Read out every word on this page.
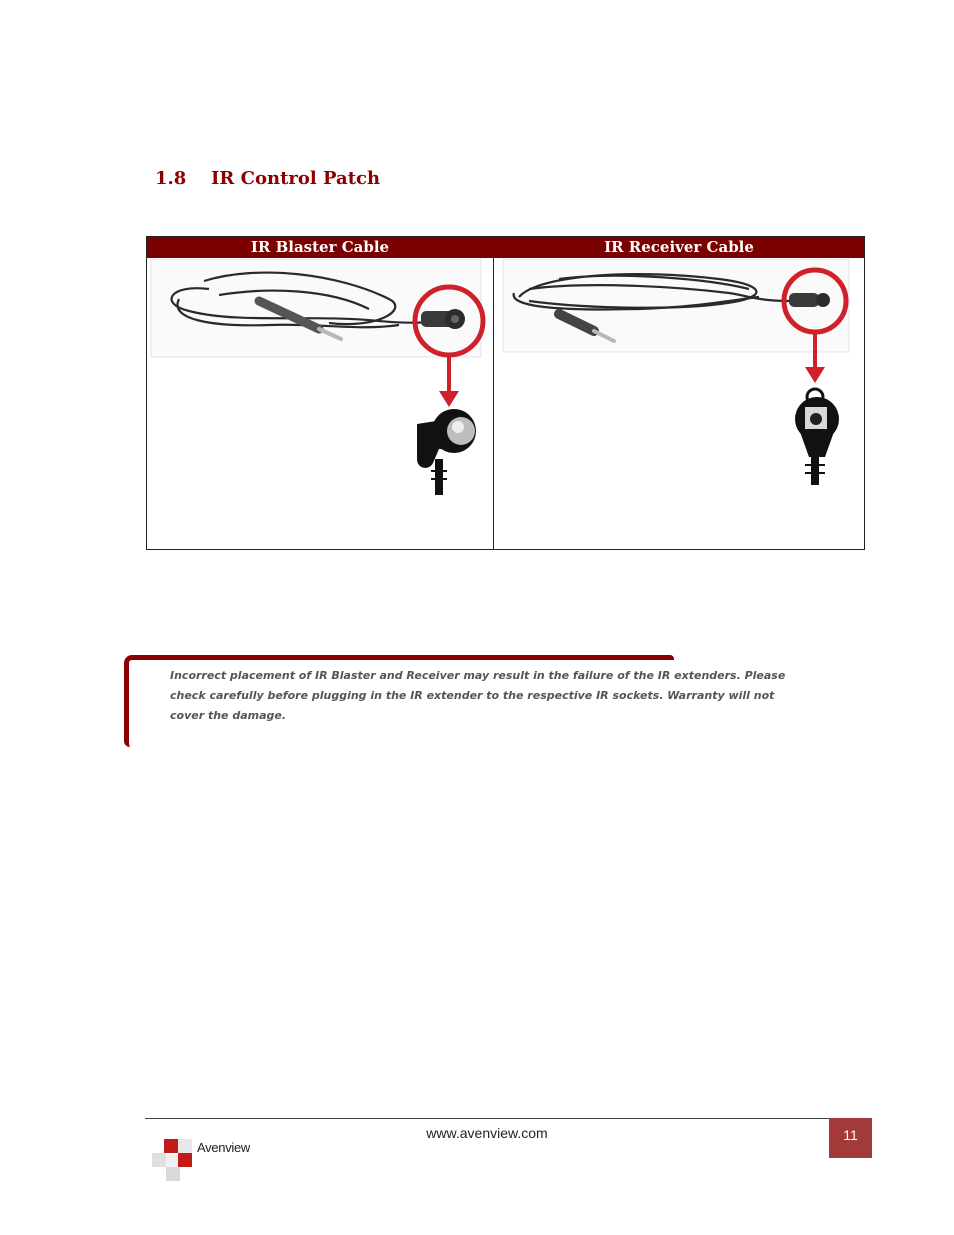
1.8 IR Control Patch
IR Blaster Cable	IR Receiver Cable

Incorrect placement of IR Blaster and Receiver may result in the failure of the IR extenders. Please check carefully before plugging in the IR extender to the respective IR sockets. Warranty will not cover the damage.

www.avenview.com	11
Avenview
